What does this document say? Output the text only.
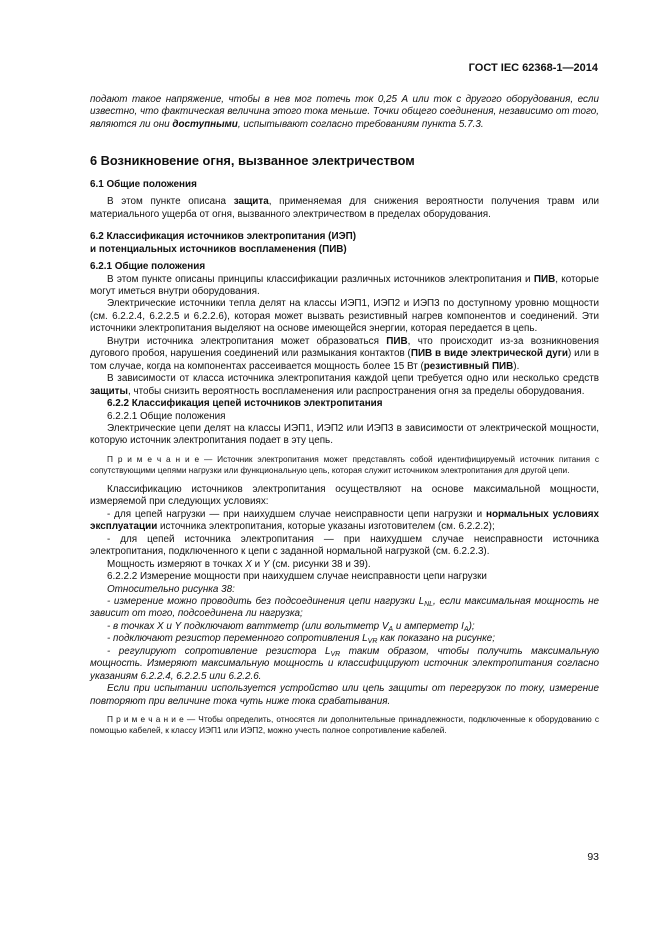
ГОСТ IEC 62368-1—2014

подают такое напряжение, чтобы в нев мог потечь ток 0,25 А или ток с другого оборудования, если известно, что фактическая величина этого тока меньше. Точки общего соединения, независимо от того, являются ли они доступными, испытывают согласно требованиям пункта 5.7.3.

6 Возникновение огня, вызванное электричеством
6.1 Общие положения

В этом пункте описана защита, применяемая для снижения вероятности получения травм или материального ущерба от огня, вызванного электричеством в пределах оборудования.

6.2 Классификация источников электропитания (ИЭП)
и потенциальных источников воспламенения (ПИВ)
6.2.1 Общие положения

В этом пункте описаны принципы классификации различных источников электропитания и ПИВ, которые могут иметься внутри оборудования.

Электрические источники тепла делят на классы ИЭП1, ИЭП2 и ИЭП3 по доступному уровню мощности (см. 6.2.2.4, 6.2.2.5 и 6.2.2.6), которая может вызвать резистивный нагрев компонентов и соединений. Эти источники электропитания выделяют на основе имеющейся энергии, которая передается в цепь.

Внутри источника электропитания может образоваться ПИВ, что происходит из-за возникновения дугового пробоя, нарушения соединений или размыкания контактов (ПИВ в виде электрической дуги) или в том случае, когда на компонентах рассеивается мощность более 15 Вт (резистивный ПИВ).

В зависимости от класса источника электропитания каждой цепи требуется одно или несколько средств защиты, чтобы снизить вероятность воспламенения или распространения огня за пределы оборудования.

6.2.2 Классификация цепей источников электропитания

6.2.2.1 Общие положения

Электрические цепи делят на классы ИЭП1, ИЭП2 или ИЭП3 в зависимости от электрической мощности, которую источник электропитания подает в эту цепь.

П р и м е ч а н и е — Источник электропитания может представлять собой идентифицируемый источник питания с сопутствующими цепями нагрузки или функциональную цепь, которая служит источником электропитания для другой цепи.

Классификацию источников электропитания осуществляют на основе максимальной мощности, измеряемой при следующих условиях:

- для цепей нагрузки — при наихудшем случае неисправности цепи нагрузки и нормальных условиях эксплуатации источника электропитания, которые указаны изготовителем (см. 6.2.2.2);

- для цепей источника электропитания — при наихудшем случае неисправности источника электропитания, подключенного к цепи с заданной нормальной нагрузкой (см. 6.2.2.3).

Мощность измеряют в точках X и Y (см. рисунки 38 и 39).

6.2.2.2 Измерение мощности при наихудшем случае неисправности цепи нагрузки

Относительно рисунка 38:

- измерение можно проводить без подсоединения цепи нагрузки $L_{NL}$, если максимальная мощность не зависит от того, подсоединена ли нагрузка;

- в точках X и Y подключают ваттметр (или вольтметр $V_A$ и амперметр $I_A$);

- подключают резистор переменного сопротивления $L_{VR}$ как показано на рисунке;

- регулируют сопротивление резистора $L_{VR}$ таким образом, чтобы получить максимальную мощность. Измеряют максимальную мощность и классифицируют источник электропитания согласно указаниям 6.2.2.4, 6.2.2.5 или 6.2.2.6.

Если при испытании используется устройство или цепь защиты от перегрузок по току, измерение повторяют при величине тока чуть ниже тока срабатывания.

П р и м е ч а н и е — Чтобы определить, относятся ли дополнительные принадлежности, подключенные к оборудованию с помощью кабелей, к классу ИЭП1 или ИЭП2, можно учесть полное сопротивление кабелей.

93
